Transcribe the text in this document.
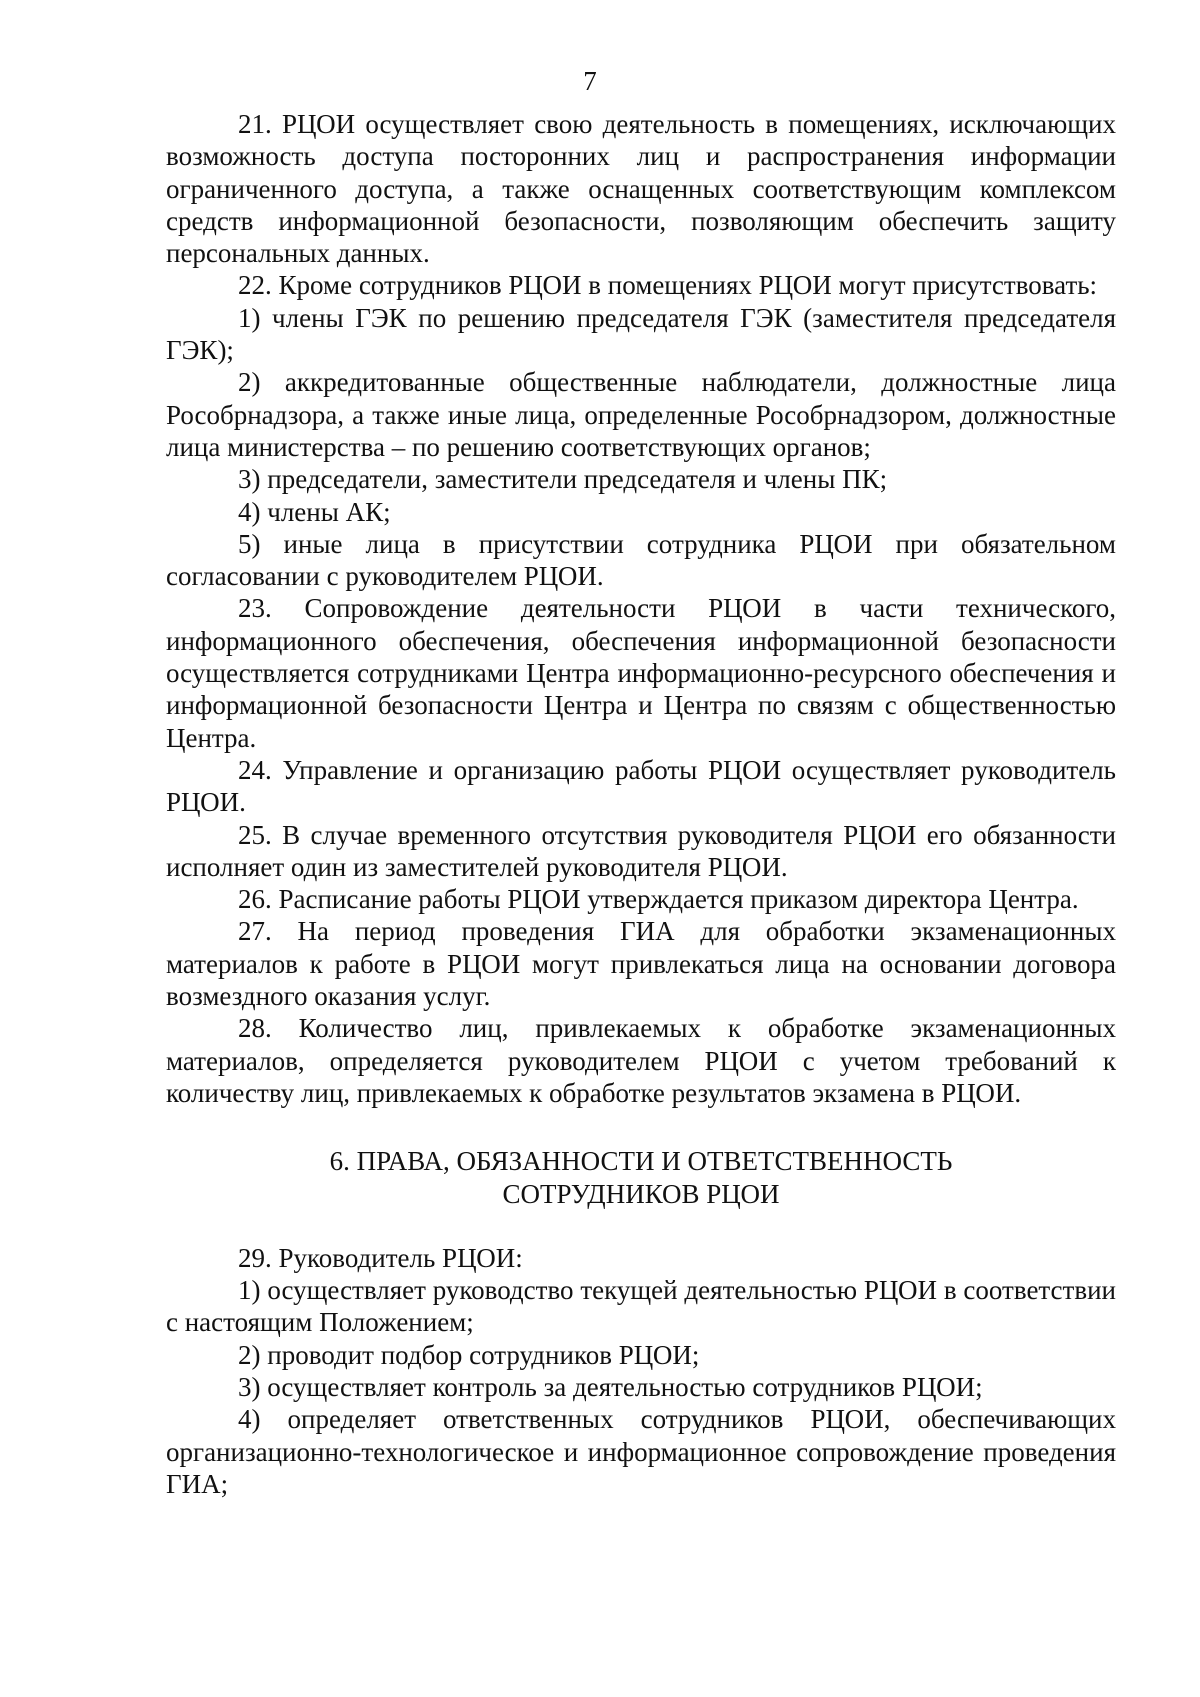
7

21. РЦОИ осуществляет свою деятельность в помещениях, исключающих возможность доступа посторонних лиц и распространения информации ограниченного доступа, а также оснащенных соответствующим комплексом средств информационной безопасности, позволяющим обеспечить защиту персональных данных.

22. Кроме сотрудников РЦОИ в помещениях РЦОИ могут присутствовать:

1) члены ГЭК по решению председателя ГЭК (заместителя председателя ГЭК);

2) аккредитованные общественные наблюдатели, должностные лица Рособрнадзора, а также иные лица, определенные Рособрнадзором, должностные лица министерства – по решению соответствующих органов;

3) председатели, заместители председателя и члены ПК;

4) члены АК;

5) иные лица в присутствии сотрудника РЦОИ при обязательном согласовании с руководителем РЦОИ.

23. Сопровождение деятельности РЦОИ в части технического, информационного обеспечения, обеспечения информационной безопасности осуществляется сотрудниками Центра информационно-ресурсного обеспечения и информационной безопасности Центра и Центра по связям с общественностью Центра.

24. Управление и организацию работы РЦОИ осуществляет руководитель РЦОИ.

25. В случае временного отсутствия руководителя РЦОИ его обязанности исполняет один из заместителей руководителя РЦОИ.

26. Расписание работы РЦОИ утверждается приказом директора Центра.

27. На период проведения ГИА для обработки экзаменационных материалов к работе в РЦОИ могут привлекаться лица на основании договора возмездного оказания услуг.

28. Количество лиц, привлекаемых к обработке экзаменационных материалов, определяется руководителем РЦОИ с учетом требований к количеству лиц, привлекаемых к обработке результатов экзамена в РЦОИ.

6. ПРАВА, ОБЯЗАННОСТИ И ОТВЕТСТВЕННОСТЬ
СОТРУДНИКОВ РЦОИ

29. Руководитель РЦОИ:

1) осуществляет руководство текущей деятельностью РЦОИ в соответствии с настоящим Положением;

2) проводит подбор сотрудников РЦОИ;

3) осуществляет контроль за деятельностью сотрудников РЦОИ;

4) определяет ответственных сотрудников РЦОИ, обеспечивающих организационно-технологическое и информационное сопровождение проведения ГИА;
